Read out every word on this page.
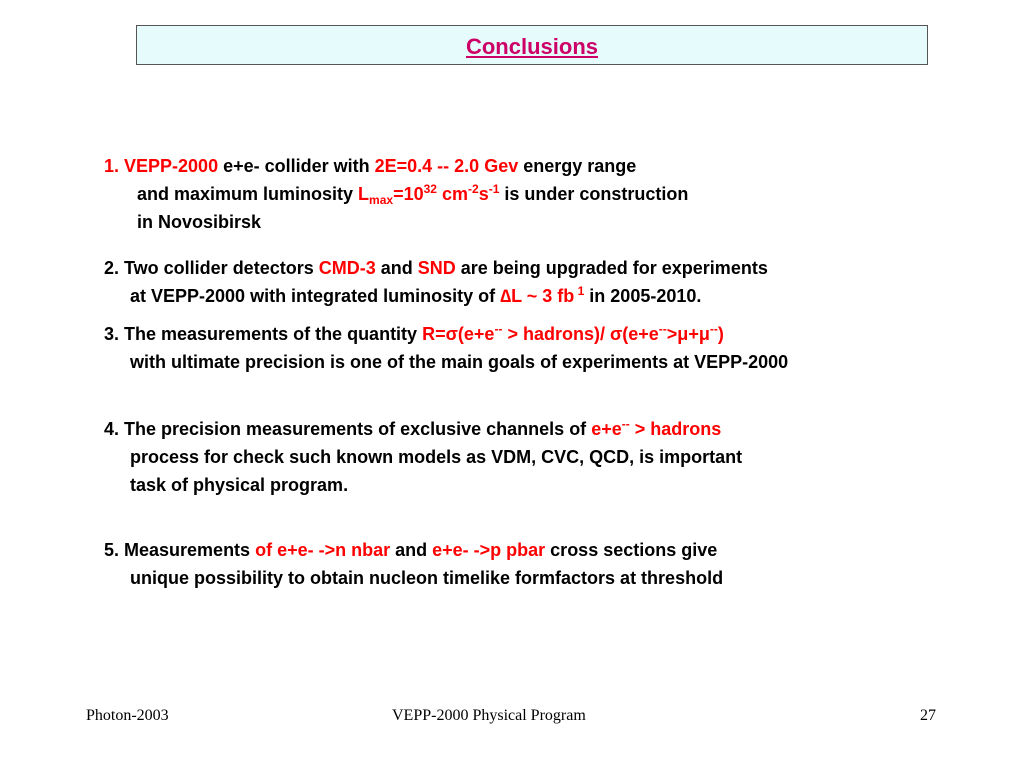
Conclusions
1. VEPP-2000 e+e- collider with 2E=0.4 -- 2.0 Gev energy range
and maximum luminosity $L_{max}=10^{32}$ $cm^{-2}s^{-1}$ is under construction
in Novosibirsk
2. Two collider detectors CMD-3 and SND are being upgraded for experiments
at VEPP-2000 with integrated luminosity of ∆L ~ 3 fb $^1$ in 2005-2010.
3. The measurements of the quantity R=σ(e+e-- > hadrons)/ σ(e+e-->μ+μ--)
with ultimate precision is one of the main goals of experiments at VEPP-2000
4. The precision measurements of exclusive channels of e+e-- > hadrons
process for check such known models as VDM, CVC, QCD, is important
task of physical program.
5. Measurements of e+e- ->n nbar and e+e- ->p pbar cross sections give
unique possibility to obtain nucleon timelike formfactors at threshold
Photon-2003	VEPP-2000 Physical Program	27
